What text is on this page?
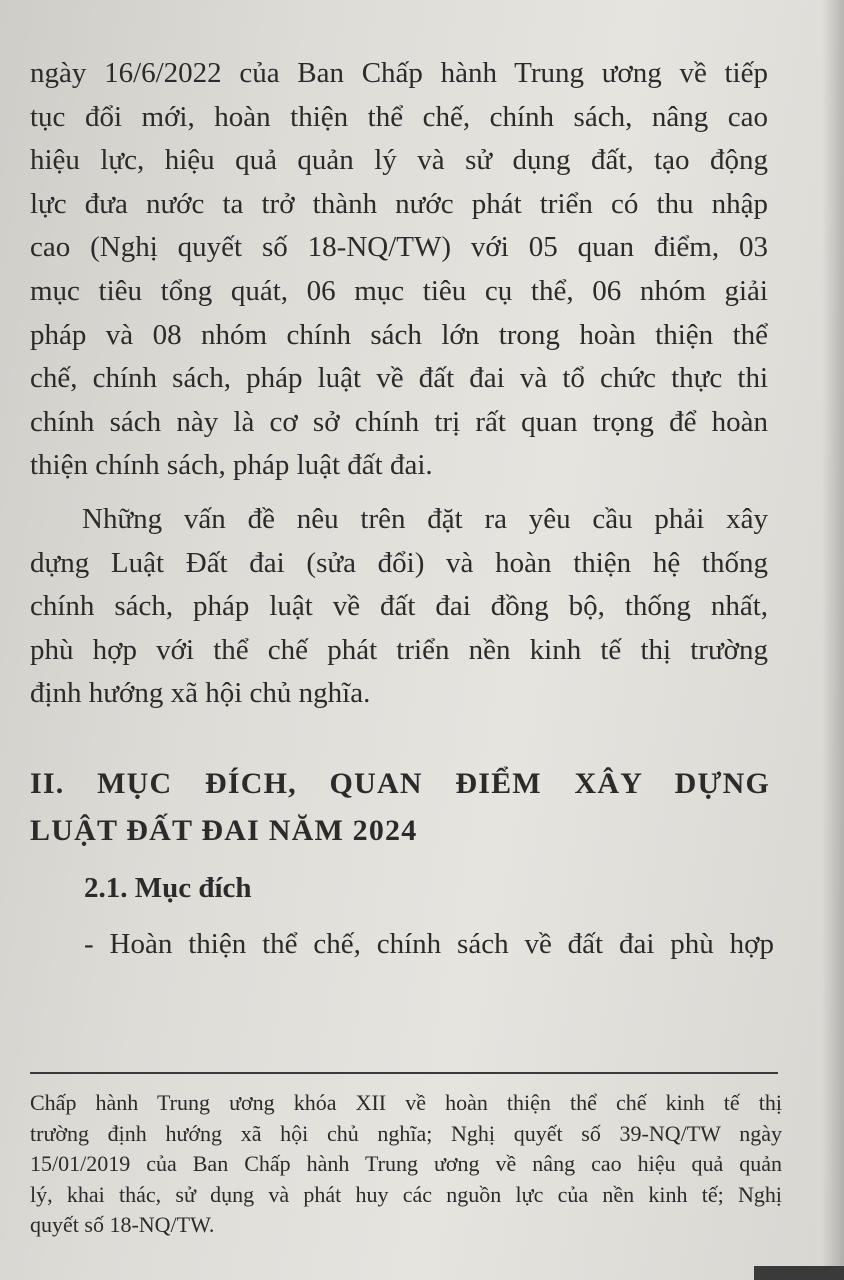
ngày 16/6/2022 của Ban Chấp hành Trung ương về tiếp
tục đổi mới, hoàn thiện thể chế, chính sách, nâng cao
hiệu lực, hiệu quả quản lý và sử dụng đất, tạo động
lực đưa nước ta trở thành nước phát triển có thu nhập
cao (Nghị quyết số 18-NQ/TW) với 05 quan điểm, 03
mục tiêu tổng quát, 06 mục tiêu cụ thể, 06 nhóm giải
pháp và 08 nhóm chính sách lớn trong hoàn thiện thể
chế, chính sách, pháp luật về đất đai và tổ chức thực thi
chính sách này là cơ sở chính trị rất quan trọng để hoàn
thiện chính sách, pháp luật đất đai.
Những vấn đề nêu trên đặt ra yêu cầu phải xây
dựng Luật Đất đai (sửa đổi) và hoàn thiện hệ thống
chính sách, pháp luật về đất đai đồng bộ, thống nhất,
phù hợp với thể chế phát triển nền kinh tế thị trường
định hướng xã hội chủ nghĩa.
II. MỤC ĐÍCH, QUAN ĐIỂM XÂY DỰNG
LUẬT ĐẤT ĐAI NĂM 2024
2.1. Mục đích
- Hoàn thiện thể chế, chính sách về đất đai phù hợp
Chấp hành Trung ương khóa XII về hoàn thiện thể chế kinh tế thị
trường định hướng xã hội chủ nghĩa; Nghị quyết số 39-NQ/TW ngày
15/01/2019 của Ban Chấp hành Trung ương về nâng cao hiệu quả quản
lý, khai thác, sử dụng và phát huy các nguồn lực của nền kinh tế; Nghị
quyết số 18-NQ/TW.
